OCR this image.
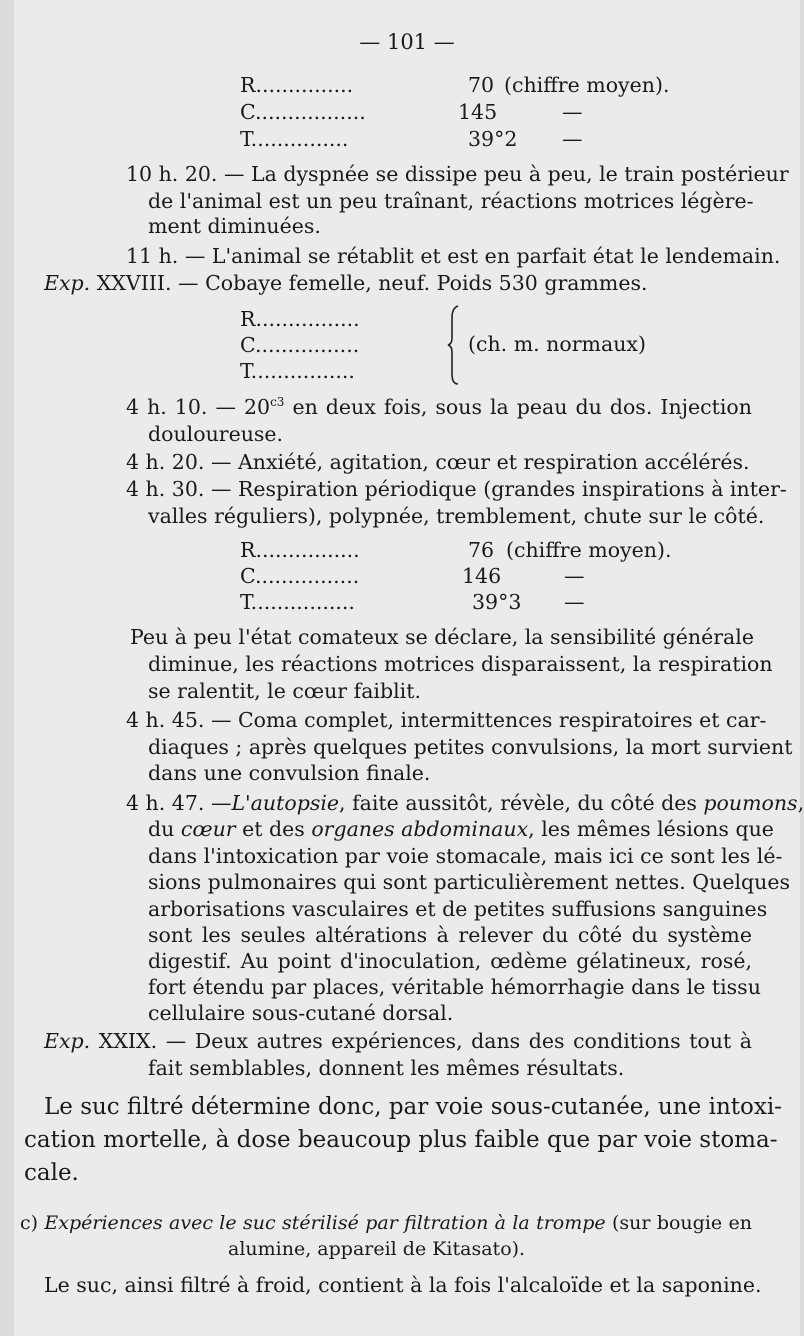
— 101 —
R...............	70 (chiffre moyen).
C.................	145	—
T...............	39°2 —
10 h. 20. — La dyspnée se dissipe peu à peu, le train postérieur
de l'animal est un peu traînant, réactions motrices légère-
ment diminuées.
11 h. — L'animal se rétablit et est en parfait état le lendemain.
Exp. XXVIII. — Cobaye femelle, neuf. Poids 530 grammes.
R................
C................
T................
(ch. m. normaux)
4 h. 10. — $20^{c3}$ en deux fois, sous la peau du dos. Injection
douloureuse.
4 h. 20. — Anxiété, agitation, cœur et respiration accélérés.
4 h. 30. — Respiration périodique (grandes inspirations à inter-
valles réguliers), polypnée, tremblement, chute sur le côté.
R................	76 (chiffre moyen).
C................	146	—
T................	39°3 —
Peu à peu l'état comateux se déclare, la sensibilité générale
diminue, les réactions motrices disparaissent, la respiration
se ralentit, le cœur faiblit.
4 h. 45. — Coma complet, intermittences respiratoires et car-
diaques ; après quelques petites convulsions, la mort survient
dans une convulsion finale.
4 h. 47. —L'autopsie, faite aussitôt, révèle, du côté des poumons,
du cœur et des organes abdominaux, les mêmes lésions que
dans l'intoxication par voie stomacale, mais ici ce sont les lé-
sions pulmonaires qui sont particulièrement nettes. Quelques
arborisations vasculaires et de petites suffusions sanguines
sont les seules altérations à relever du côté du système
digestif. Au point d'inoculation, œdème gélatineux, rosé,
fort étendu par places, véritable hémorrhagie dans le tissu
cellulaire sous-cutané dorsal.
Exp. XXIX. — Deux autres expériences, dans des conditions tout à
fait semblables, donnent les mêmes résultats.
Le suc filtré détermine donc, par voie sous-cutanée, une intoxi-
cation mortelle, à dose beaucoup plus faible que par voie stoma-
cale.
c) Expériences avec le suc stérilisé par filtration à la trompe (sur bougie en
alumine, appareil de Kitasato).
Le suc, ainsi filtré à froid, contient à la fois l'alcaloïde et la saponine.
